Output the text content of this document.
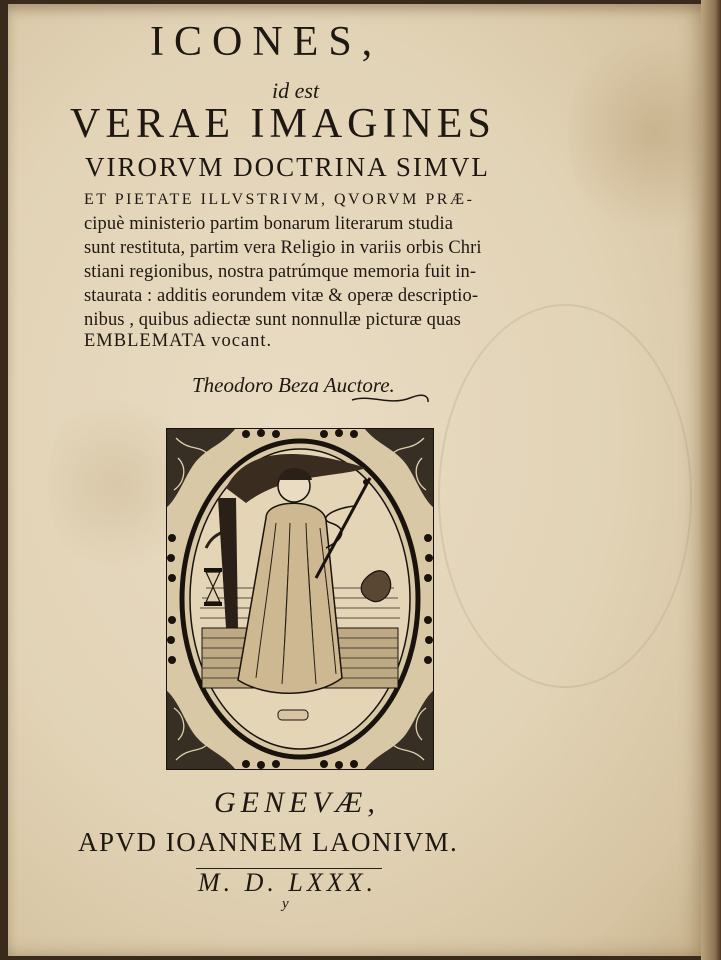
ICONES,
id est
VERAE IMAGINES
VIRORVM DOCTRINA SIMVL
ET PIETATE ILLVSTRIVM, QVORVM PRÆ-
cipuè ministerio partim bonarum literarum studia
sunt restituta, partim vera Religio in variis orbis Chri
stiani regionibus, nostra patrúmque memoria fuit in-
staurata : additis eorundem vitæ & operæ descriptio-
nibus , quibus adiectæ sunt nonnullæ picturæ quas
EMBLEMATA vocant.
Theodoro Beza Auctore.
GENEVÆ,
APVD IOANNEM LAONIVM.
M. D. LXXX.
y
